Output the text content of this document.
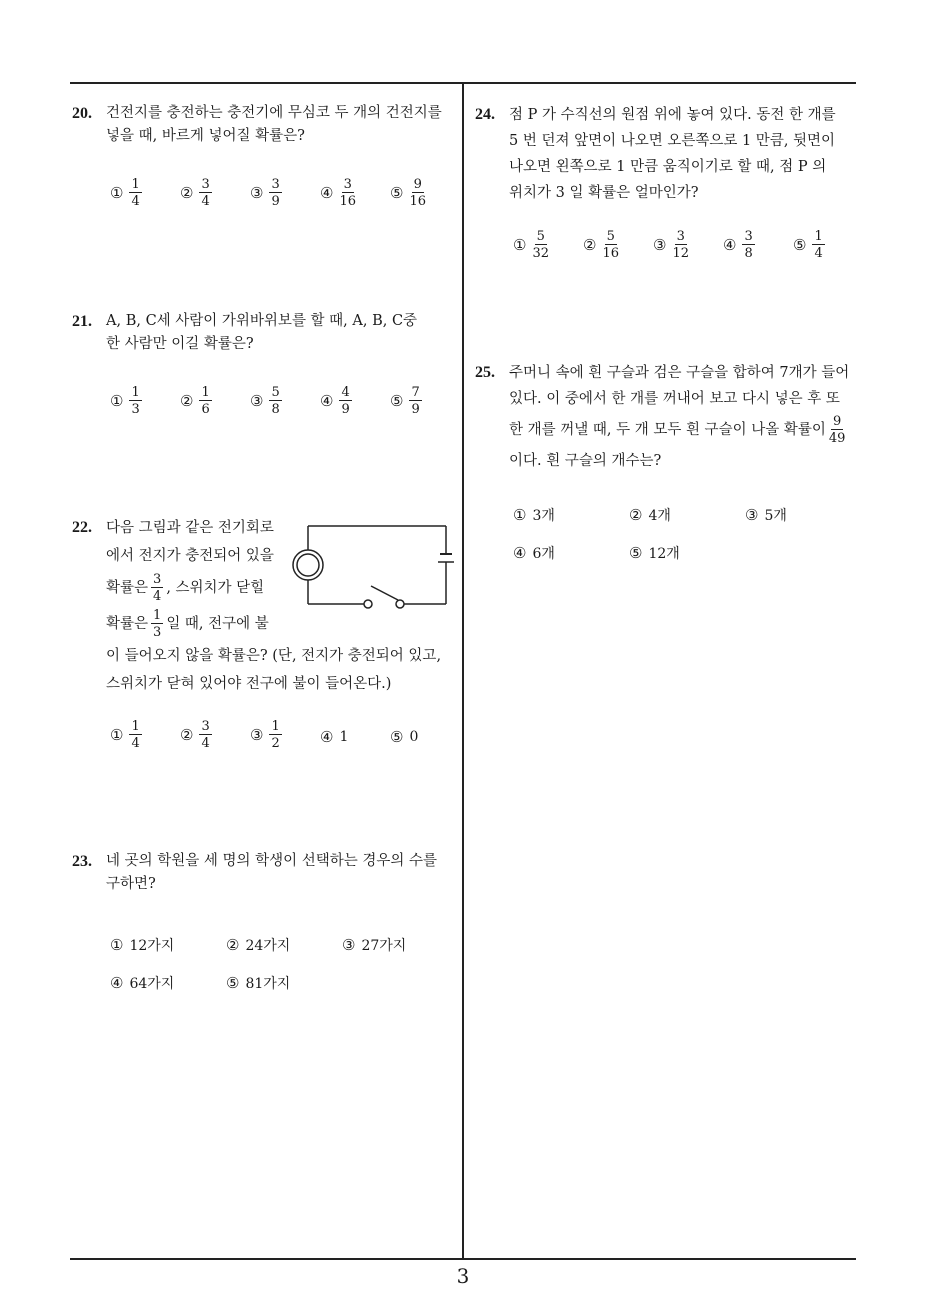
20. 건전지를 충전하는 충전기에 무심코 두 개의 건전지를
넣을 때, 바르게 넣어질 확률은?
① $\frac{1}{4}$	② $\frac{3}{4}$	③ $\frac{3}{9}$	④ $\frac{3}{16}$ ⑤ $\frac{9}{16}$
21. A, B, C세 사람이 가위바위보를 할 때, A, B, C중
한 사람만 이길 확률은?
① $\frac{1}{3}$	② $\frac{1}{6}$	③ $\frac{5}{8}$	④ $\frac{4}{9}$	⑤ $\frac{7}{9}$
22. 다음 그림과 같은 전기회로
에서 전지가 충전되어 있을
확률은 $\frac{3}{4}$ , 스위치가 닫힐
확률은 $\frac{1}{3}$ 일 때, 전구에 불
이 들어오지 않을 확률은? (단, 전지가 충전되어 있고,
스위치가 닫혀 있어야 전구에 불이 들어온다.)
① $\frac{1}{4}$	② $\frac{3}{4}$	③ $\frac{1}{2}$	④ 1	⑤ 0
23. 네 곳의 학원을 세 명의 학생이 선택하는 경우의 수를
구하면?
① 12가지	② 24가지	③ 27가지
④ 64가지	⑤ 81가지
24. 점 P 가 수직선의 원점 위에 놓여 있다. 동전 한 개를
5 번 던져 앞면이 나오면 오른쪽으로 1 만큼, 뒷면이
나오면 왼쪽으로 1 만큼 움직이기로 할 때, 점 P 의
위치가 3 일 확률은 얼마인가?
① $\frac{5}{32}$ ② $\frac{5}{16}$ ③ $\frac{3}{12}$ ④ $\frac{3}{8}$	⑤ $\frac{1}{4}$
25. 주머니 속에 흰 구슬과 검은 구슬을 합하여 7개가 들어
있다. 이 중에서 한 개를 꺼내어 보고 다시 넣은 후 또
한 개를 꺼낼 때, 두 개 모두 흰 구슬이 나올 확률이 $\frac{9}{49}$
이다. 흰 구슬의 개수는?
① 3개	② 4개	③ 5개
④ 6개	⑤ 12개
3
